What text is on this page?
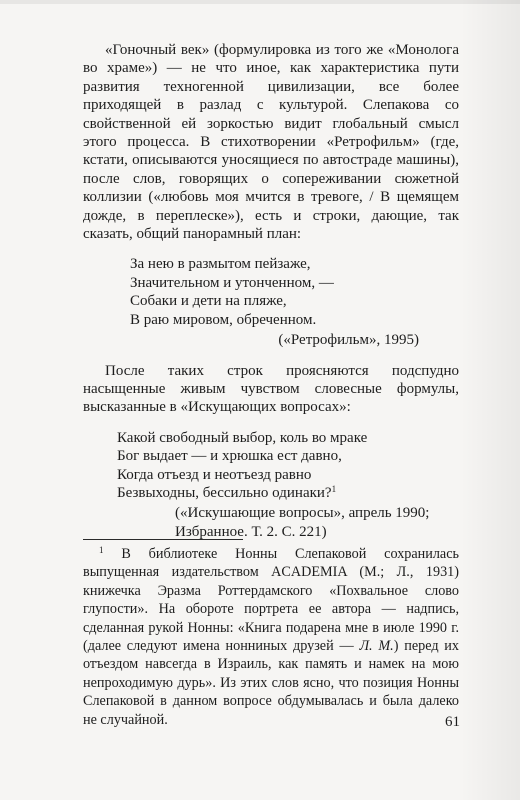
«Гоночный век» (формулировка из того же «Монолога во храме») — не что иное, как характеристика пути развития техногенной цивилизации, все более приходящей в разлад с культурой. Слепакова со свойственной ей зоркостью видит глобальный смысл этого процесса. В стихотворении «Ретрофильм» (где, кстати, описываются уносящиеся по автостраде машины), после слов, говорящих о сопереживании сюжетной коллизии («любовь моя мчится в тревоге, / В щемящем дожде, в переплеске»), есть и строки, дающие, так сказать, общий панорамный план:

За нею в размытом пейзаже,
Значительном и утонченном, —
Собаки и дети на пляже,
В раю мировом, обреченном.
(«Ретрофильм», 1995)

После таких строк проясняются подспудно насыщенные живым чувством словесные формулы, высказанные в «Искущающих вопросах»:

Какой свободный выбор, коль во мраке
Бог выдает — и хрюшка ест давно,
Когда отъезд и неотъезд равно
Безвыходны, бессильно одинаки?$^1$
(«Искушающие вопросы», апрель 1990;
Избранное. Т. 2. С. 221)

$^1$ В библиотеке Нонны Слепаковой сохранилась выпущенная издательством ACADEMIA (М.; Л., 1931) книжечка Эразма Роттердамского «Похвальное слово глупости». На обороте портрета ее автора — надпись, сделанная рукой Нонны: «Книга подарена мне в июле 1990 г. (далее следуют имена нонниных друзей — Л. М.) перед их отъездом навсегда в Израиль, как память и намек на мою непроходимую дурь». Из этих слов ясно, что позиция Нонны Слепаковой в данном вопросе обдумывалась и была далеко не случайной.	61
